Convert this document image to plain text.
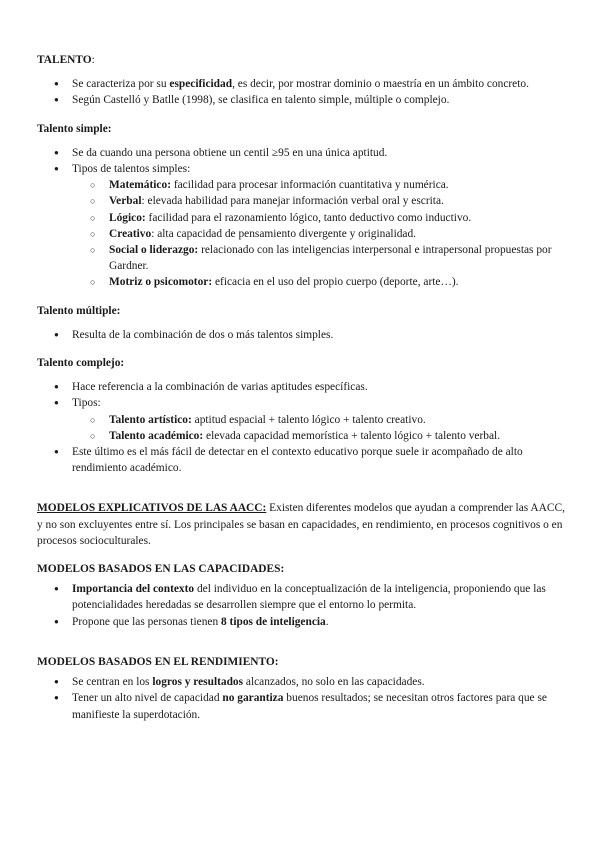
TALENTO:

● Se caracteriza por su especificidad, es decir, por mostrar dominio o maestría en un ámbito concreto.
● Según Castelló y Batlle (1998), se clasifica en talento simple, múltiple o complejo.

Talento simple:

● Se da cuando una persona obtiene un centil ≥95 en una única aptitud.
● Tipos de talentos simples:
○ Matemático: facilidad para procesar información cuantitativa y numérica.
○ Verbal: elevada habilidad para manejar información verbal oral y escrita.
○ Lógico: facilidad para el razonamiento lógico, tanto deductivo como inductivo.
○ Creativo: alta capacidad de pensamiento divergente y originalidad.
○ Social o liderazgo: relacionado con las inteligencias interpersonal e intrapersonal propuestas por Gardner.
○ Motriz o psicomotor: eficacia en el uso del propio cuerpo (deporte, arte…).

Talento múltiple:

● Resulta de la combinación de dos o más talentos simples.

Talento complejo:

● Hace referencia a la combinación de varias aptitudes específicas.
● Tipos:
○ Talento artístico: aptitud espacial + talento lógico + talento creativo.
○ Talento académico: elevada capacidad memorística + talento lógico + talento verbal.
● Este último es el más fácil de detectar en el contexto educativo porque suele ir acompañado de alto rendimiento académico.

MODELOS EXPLICATIVOS DE LAS AACC: Existen diferentes modelos que ayudan a comprender las AACC, y no son excluyentes entre sí. Los principales se basan en capacidades, en rendimiento, en procesos cognitivos o en procesos socioculturales.

MODELOS BASADOS EN LAS CAPACIDADES:

● Importancia del contexto del individuo en la conceptualización de la inteligencia, proponiendo que las potencialidades heredadas se desarrollen siempre que el entorno lo permita.
● Propone que las personas tienen 8 tipos de inteligencia.

MODELOS BASADOS EN EL RENDIMIENTO:

● Se centran en los logros y resultados alcanzados, no solo en las capacidades.
● Tener un alto nivel de capacidad no garantiza buenos resultados; se necesitan otros factores para que se manifieste la superdotación.
